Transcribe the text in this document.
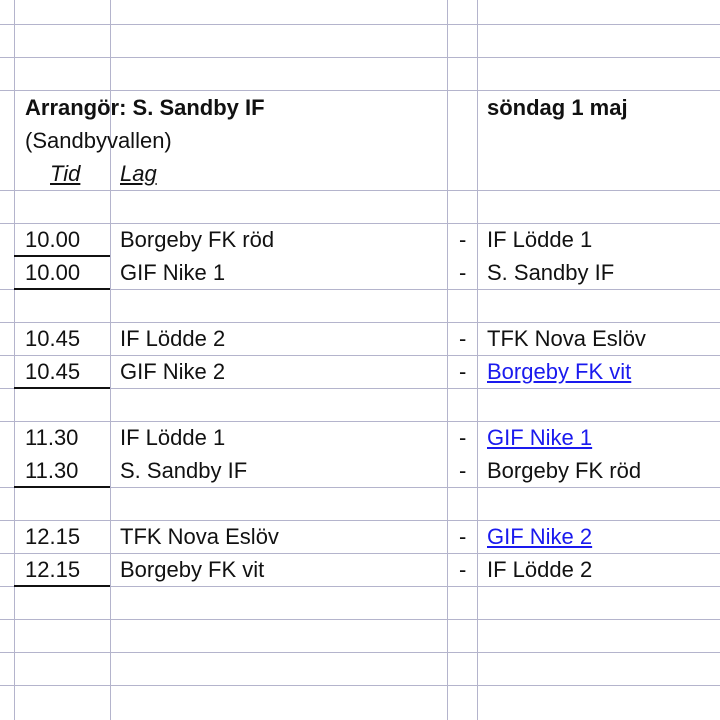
Arrangör: S. Sandby IF	söndag 1 maj
(Sandbyvallen)
Tid Lag
10.00 Borgeby FK röd	- IF Lödde 1
10.00 GIF Nike 1	- S. Sandby IF
10.45 IF Lödde 2	- TFK Nova Eslöv
10.45 GIF Nike 2	- Borgeby FK vit
11.30 IF Lödde 1	- GIF Nike 1
11.30 S. Sandby IF	- Borgeby FK röd
12.15 TFK Nova Eslöv	- GIF Nike 2
12.15 Borgeby FK vit	- IF Lödde 2
